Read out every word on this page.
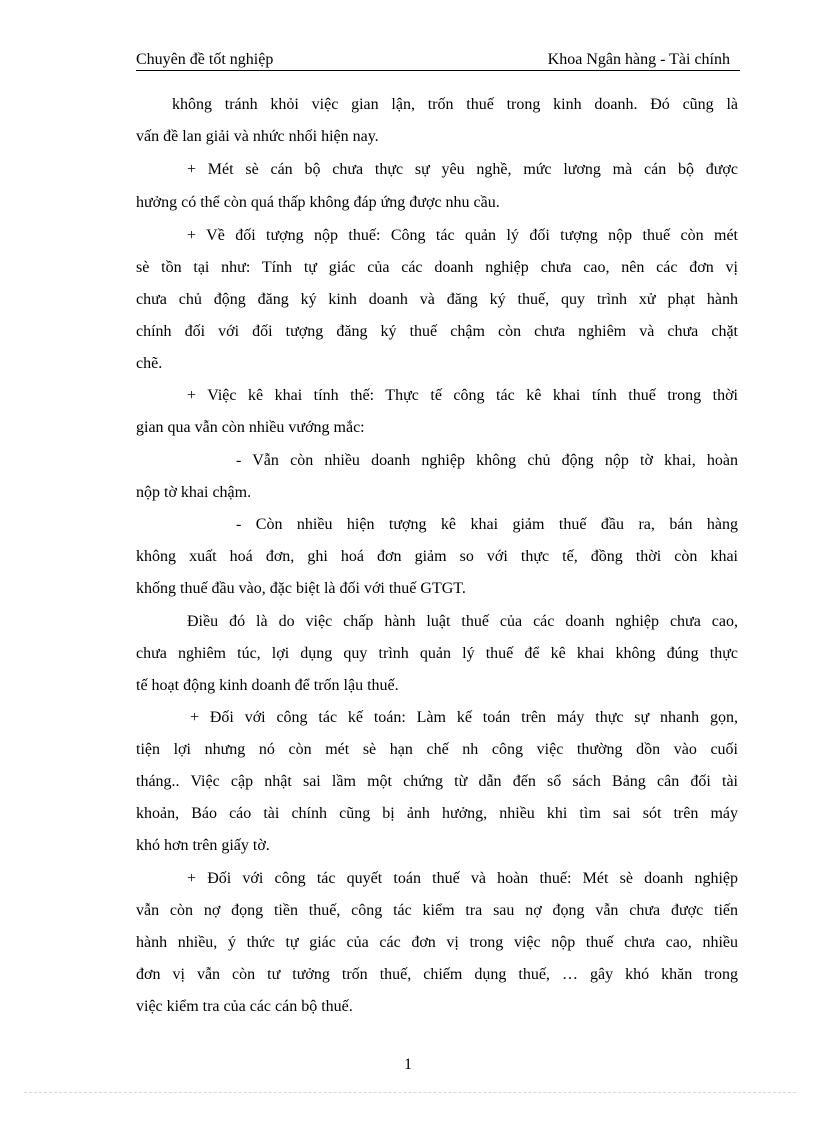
Chuyên đề tốt nghiệp	Khoa Ngân hàng - Tài chính
không tránh khỏi việc gian lận, trốn thuế trong kinh doanh. Đó cũng là
vấn đề lan giải và nhức nhối hiện nay.
+ Mét sè cán bộ chưa thực sự yêu nghề, mức lương mà cán bộ được
hưởng có thể còn quá thấp không đáp ứng được nhu cầu.
+ Về đối tượng nộp thuế: Công tác quản lý đối tượng nộp thuế còn mét
sè tồn tại như: Tính tự giác của các doanh nghiệp chưa cao, nên các đơn vị
chưa chủ động đăng ký kinh doanh và đăng ký thuế, quy trình xử phạt hành
chính đối với đối tượng đăng ký thuế chậm còn chưa nghiêm và chưa chặt
chẽ.
+ Việc kê khai tính thế: Thực tế công tác kê khai tính thuế trong thời
gian qua vẫn còn nhiều vướng mắc:
- Vẫn còn nhiều doanh nghiệp không chủ động nộp tờ khai, hoàn
nộp tờ khai chậm.
- Còn nhiều hiện tượng kê khai giảm thuế đầu ra, bán hàng
không xuất hoá đơn, ghi hoá đơn giảm so với thực tế, đồng thời còn khai
khống thuế đầu vào, đặc biệt là đối với thuế GTGT.
Điều đó là do việc chấp hành luật thuế của các doanh nghiệp chưa cao,
chưa nghiêm túc, lợi dụng quy trình quản lý thuế để kê khai không đúng thực
tế hoạt động kinh doanh để trốn lậu thuế.
+ Đối với công tác kế toán: Làm kế toán trên máy thực sự nhanh gọn,
tiện lợi nhưng nó còn mét sè hạn chế nh công việc thường dồn vào cuối
tháng.. Việc cập nhật sai lầm một chứng từ dẫn đến sổ sách Bảng cân đối tài
khoản, Báo cáo tài chính cũng bị ảnh hưởng, nhiều khi tìm sai sót trên máy
khó hơn trên giấy tờ.
+ Đối với công tác quyết toán thuế và hoàn thuế: Mét sè doanh nghiệp
vẫn còn nợ đọng tiền thuế, công tác kiểm tra sau nợ đọng vẫn chưa được tiến
hành nhiều, ý thức tự giác của các đơn vị trong việc nộp thuế chưa cao, nhiều
đơn vị vẫn còn tư tưởng trốn thuế, chiếm dụng thuế, … gây khó khăn trong
việc kiểm tra của các cán bộ thuế.
1
